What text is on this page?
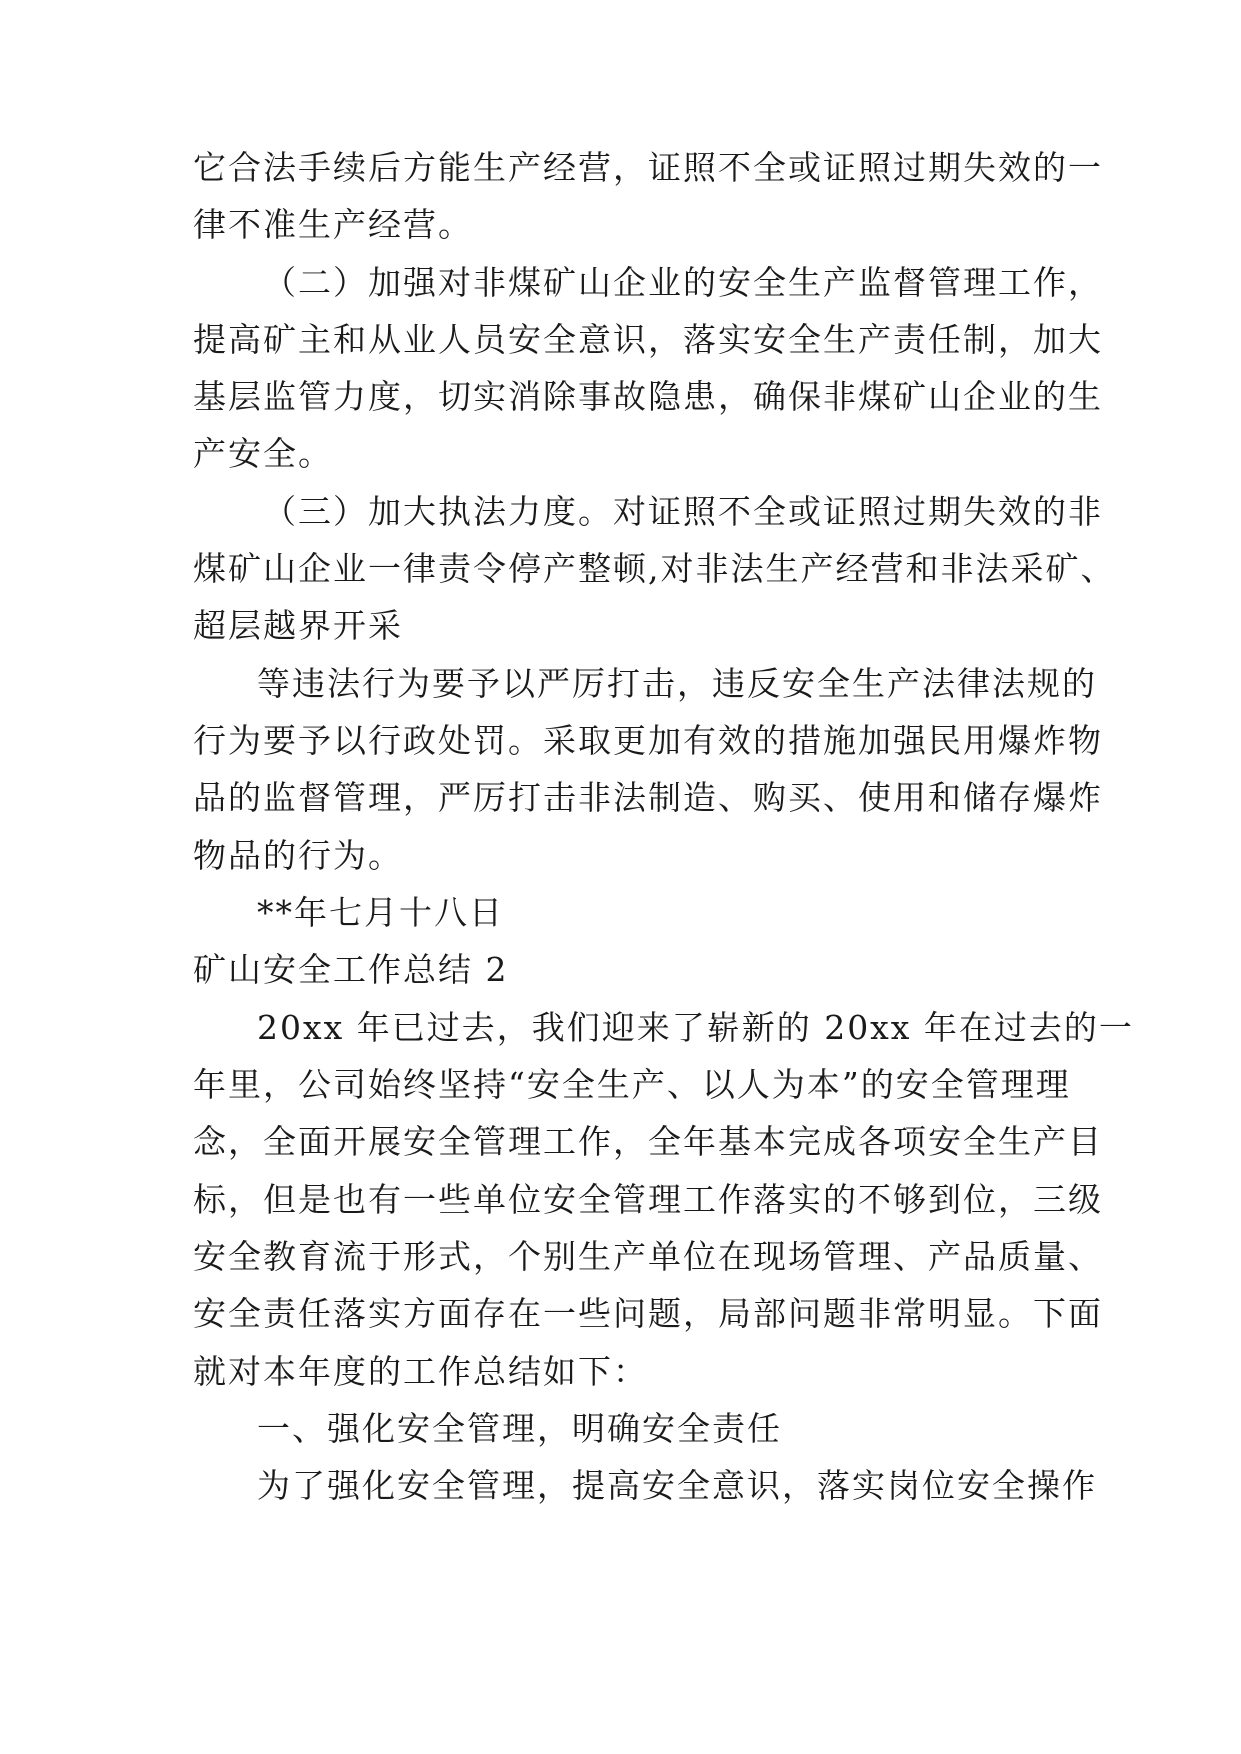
它合法手续后方能生产经营，证照不全或证照过期失效的一

律不准生产经营。

（二）加强对非煤矿山企业的安全生产监督管理工作，

提高矿主和从业人员安全意识，落实安全生产责任制，加大

基层监管力度，切实消除事故隐患，确保非煤矿山企业的生

产安全。

（三）加大执法力度。对证照不全或证照过期失效的非

煤矿山企业一律责令停产整顿,对非法生产经营和非法采矿、

超层越界开采

等违法行为要予以严厉打击，违反安全生产法律法规的

行为要予以行政处罚。采取更加有效的措施加强民用爆炸物

品的监督管理，严厉打击非法制造、购买、使用和储存爆炸

物品的行为。

**年七月十八日

矿山安全工作总结 2

20xx 年已过去，我们迎来了崭新的 20xx 年在过去的一

年里，公司始终坚持“安全生产、以人为本”的安全管理理

念，全面开展安全管理工作，全年基本完成各项安全生产目

标，但是也有一些单位安全管理工作落实的不够到位，三级

安全教育流于形式，个别生产单位在现场管理、产品质量、

安全责任落实方面存在一些问题，局部问题非常明显。下面

就对本年度的工作总结如下：

一、强化安全管理，明确安全责任

为了强化安全管理，提高安全意识，落实岗位安全操作
